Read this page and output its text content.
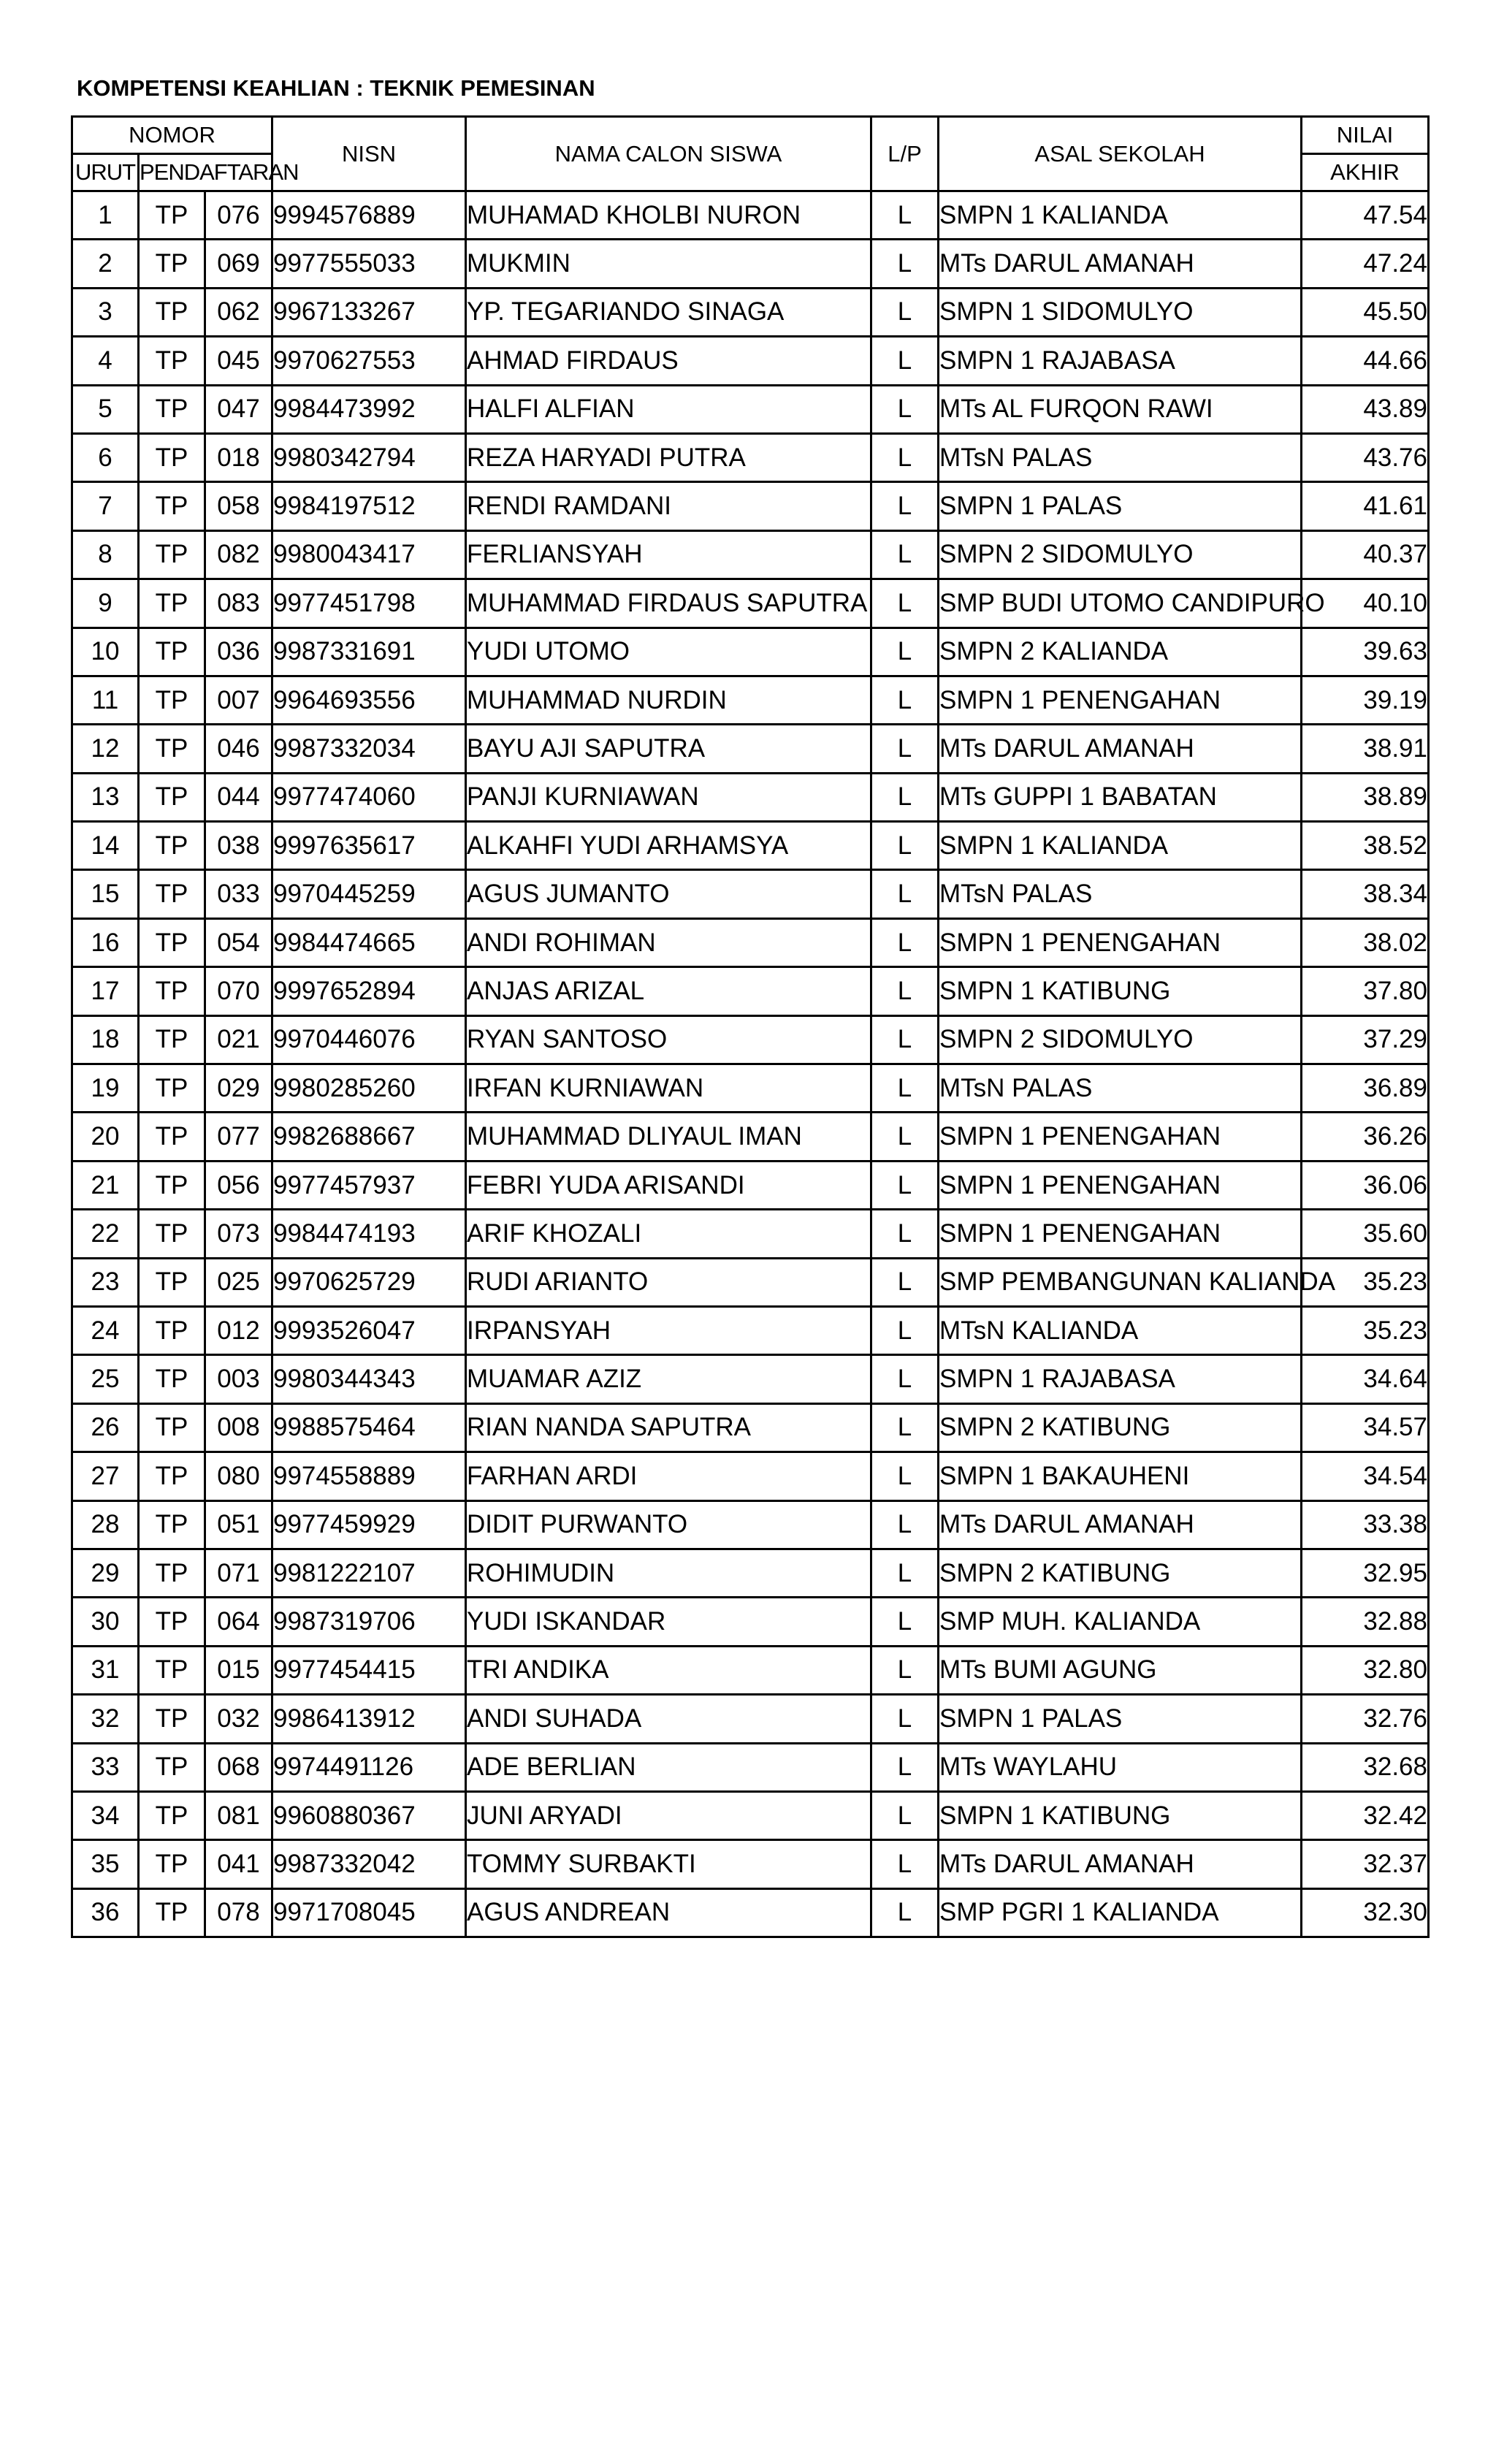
KOMPETENSI KEAHLIAN : TEKNIK PEMESINAN
NOMOR			NISN	NAMA CALON SISWA	L/P	ASAL SEKOLAH	NILAI
URUT	PENDAFTARAN						AKHIR
1	TP	076	9994576889	MUHAMAD KHOLBI NURON	L	SMPN 1 KALIANDA	47.54
2	TP	069	9977555033	MUKMIN	L	MTs DARUL AMANAH	47.24
3	TP	062	9967133267	YP. TEGARIANDO SINAGA	L	SMPN 1 SIDOMULYO	45.50
4	TP	045	9970627553	AHMAD FIRDAUS	L	SMPN 1 RAJABASA	44.66
5	TP	047	9984473992	HALFI ALFIAN	L	MTs AL FURQON RAWI	43.89
6	TP	018	9980342794	REZA HARYADI PUTRA	L	MTsN PALAS	43.76
7	TP	058	9984197512	RENDI RAMDANI	L	SMPN 1 PALAS	41.61
8	TP	082	9980043417	FERLIANSYAH	L	SMPN 2 SIDOMULYO	40.37
9	TP	083	9977451798	MUHAMMAD FIRDAUS SAPUTRA	L	SMP BUDI UTOMO CANDIPURO	40.10
10	TP	036	9987331691	YUDI UTOMO	L	SMPN 2 KALIANDA	39.63
11	TP	007	9964693556	MUHAMMAD NURDIN	L	SMPN 1 PENENGAHAN	39.19
12	TP	046	9987332034	BAYU AJI SAPUTRA	L	MTs DARUL AMANAH	38.91
13	TP	044	9977474060	PANJI KURNIAWAN	L	MTs GUPPI 1 BABATAN	38.89
14	TP	038	9997635617	ALKAHFI YUDI ARHAMSYA	L	SMPN 1 KALIANDA	38.52
15	TP	033	9970445259	AGUS JUMANTO	L	MTsN PALAS	38.34
16	TP	054	9984474665	ANDI ROHIMAN	L	SMPN 1 PENENGAHAN	38.02
17	TP	070	9997652894	ANJAS ARIZAL	L	SMPN 1 KATIBUNG	37.80
18	TP	021	9970446076	RYAN SANTOSO	L	SMPN 2 SIDOMULYO	37.29
19	TP	029	9980285260	IRFAN KURNIAWAN	L	MTsN PALAS	36.89
20	TP	077	9982688667	MUHAMMAD DLIYAUL IMAN	L	SMPN 1 PENENGAHAN	36.26
21	TP	056	9977457937	FEBRI YUDA ARISANDI	L	SMPN 1 PENENGAHAN	36.06
22	TP	073	9984474193	ARIF KHOZALI	L	SMPN 1 PENENGAHAN	35.60
23	TP	025	9970625729	RUDI ARIANTO	L	SMP PEMBANGUNAN KALIANDA	35.23
24	TP	012	9993526047	IRPANSYAH	L	MTsN KALIANDA	35.23
25	TP	003	9980344343	MUAMAR AZIZ	L	SMPN 1 RAJABASA	34.64
26	TP	008	9988575464	RIAN NANDA SAPUTRA	L	SMPN 2 KATIBUNG	34.57
27	TP	080	9974558889	FARHAN ARDI	L	SMPN 1 BAKAUHENI	34.54
28	TP	051	9977459929	DIDIT PURWANTO	L	MTs DARUL AMANAH	33.38
29	TP	071	9981222107	ROHIMUDIN	L	SMPN 2 KATIBUNG	32.95
30	TP	064	9987319706	YUDI ISKANDAR	L	SMP MUH. KALIANDA	32.88
31	TP	015	9977454415	TRI ANDIKA	L	MTs BUMI AGUNG	32.80
32	TP	032	9986413912	ANDI SUHADA	L	SMPN 1 PALAS	32.76
33	TP	068	9974491126	ADE BERLIAN	L	MTs WAYLAHU	32.68
34	TP	081	9960880367	JUNI ARYADI	L	SMPN 1 KATIBUNG	32.42
35	TP	041	9987332042	TOMMY SURBAKTI	L	MTs DARUL AMANAH	32.37
36	TP	078	9971708045	AGUS ANDREAN	L	SMP PGRI 1 KALIANDA	32.30
